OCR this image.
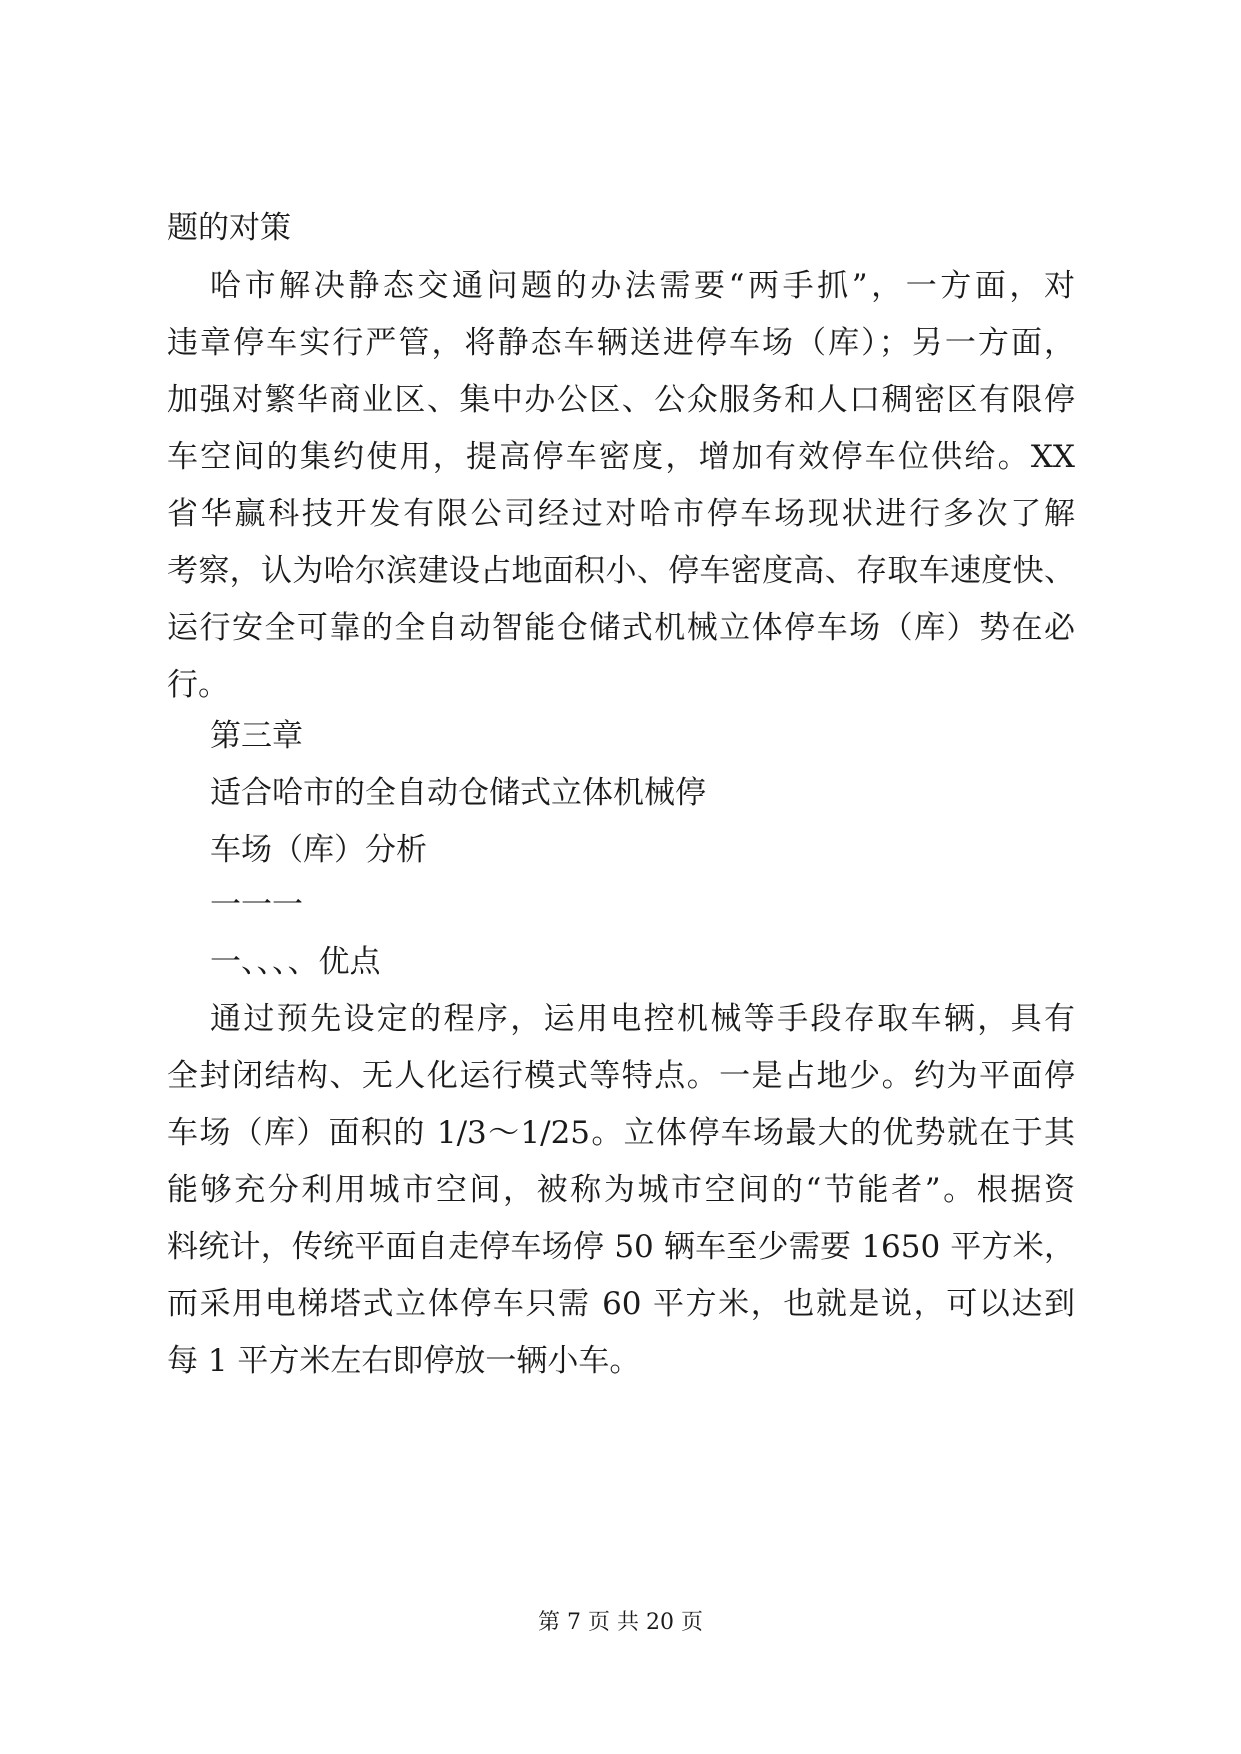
题的对策

哈市解决静态交通问题的办法需要“两手抓”，一方面，对

违章停车实行严管，将静态车辆送进停车场（库）；另一方面，

加强对繁华商业区、集中办公区、公众服务和人口稠密区有限停

车空间的集约使用，提高停车密度，增加有效停车位供给。XX

省华赢科技开发有限公司经过对哈市停车场现状进行多次了解

考察，认为哈尔滨建设占地面积小、停车密度高、存取车速度快、

运行安全可靠的全自动智能仓储式机械立体停车场（库）势在必

行。

第三章

适合哈市的全自动仓储式立体机械停

车场（库）分析

一一一

一、、、、优点

通过预先设定的程序，运用电控机械等手段存取车辆，具有

全封闭结构、无人化运行模式等特点。一是占地少。约为平面停

车场（库）面积的 1/3～1/25。立体停车场最大的优势就在于其

能够充分利用城市空间，被称为城市空间的“节能者”。根据资

料统计，传统平面自走停车场停 50 辆车至少需要 1650 平方米，

而采用电梯塔式立体停车只需 60 平方米，也就是说，可以达到

每 1 平方米左右即停放一辆小车。

第 7 页 共 20 页
